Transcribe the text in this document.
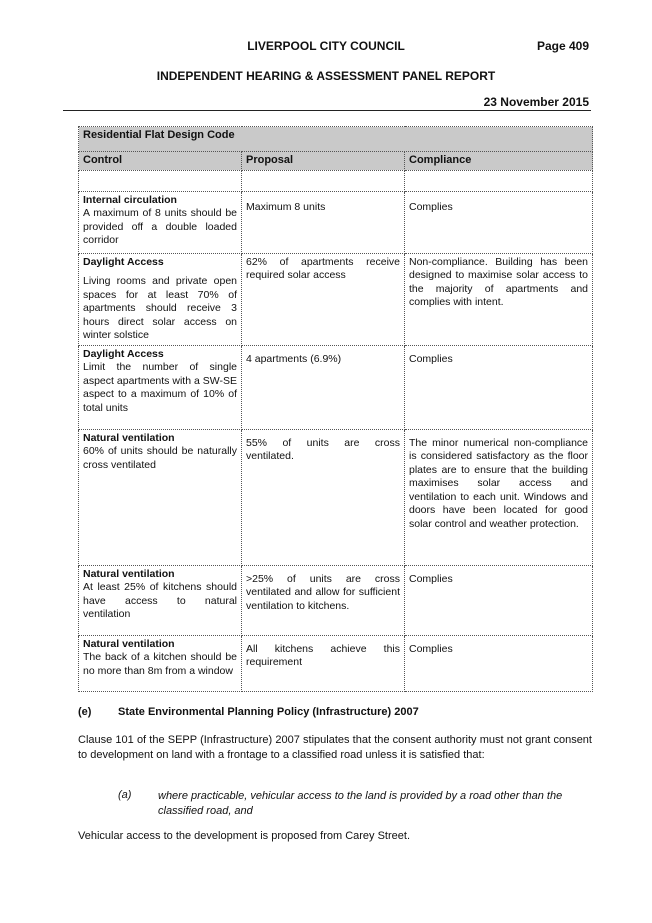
LIVERPOOL CITY COUNCIL	Page 409
INDEPENDENT HEARING & ASSESSMENT PANEL REPORT
23 November 2015
Residential Flat Design Code		
Control	Proposal	Compliance

Internal circulation
A maximum of 8 units should be provided off a double loaded corridor	Maximum 8 units	Complies

Daylight Access
Living rooms and private open spaces for at least 70% of apartments should receive 3 hours direct solar access on winter solstice	62% of apartments receive required solar access	Non-compliance. Building has been designed to maximise solar access to the majority of apartments and complies with intent.

Daylight Access
Limit the number of single aspect apartments with a SW-SE aspect to a maximum of 10% of total units	4 apartments (6.9%)	Complies

Natural ventilation
60% of units should be naturally cross ventilated	55% of units are cross ventilated.	The minor numerical non-compliance is considered satisfactory as the floor plates are to ensure that the building maximises solar access and ventilation to each unit. Windows and doors have been located for good solar control and weather protection.

Natural ventilation
At least 25% of kitchens should have access to natural ventilation	>25% of units are cross ventilated and allow for sufficient ventilation to kitchens.	Complies

Natural ventilation
The back of a kitchen should be no more than 8m from a window	All kitchens achieve this requirement	Complies
(e) State Environmental Planning Policy (Infrastructure) 2007
Clause 101 of the SEPP (Infrastructure) 2007 stipulates that the consent authority must not grant consent to development on land with a frontage to a classified road unless it is satisfied that:
(a) where practicable, vehicular access to the land is provided by a road other than the classified road, and
Vehicular access to the development is proposed from Carey Street.
